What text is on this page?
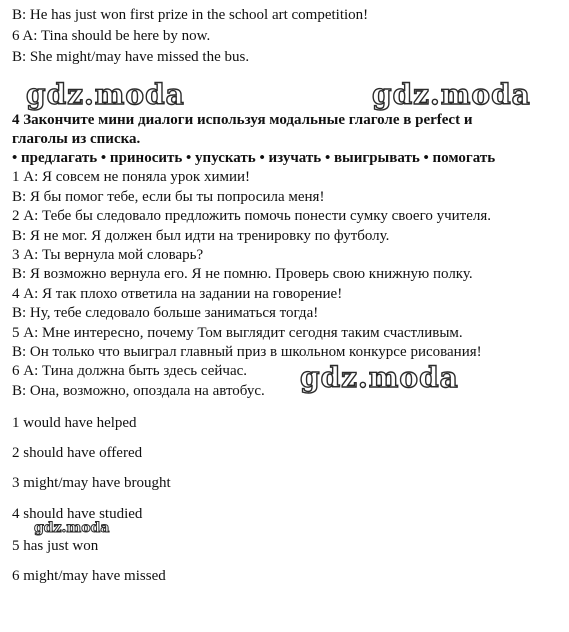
B: He has just won first prize in the school art competition!
6 A: Tina should be here by now.
B: She might/may have missed the bus.
gdz.moda	gdz.moda
4 Закончите мини диалоги используя модальные глаголе в perfect и
глаголы из списка.
• предлагать • приносить • упускать • изучать • выигрывать • помогать
1 А: Я совсем не поняла урок химии!
В: Я бы помог тебе, если бы ты попросила меня!
2 А: Тебе бы следовало предложить помочь понести сумку своего учителя.
В: Я не мог. Я должен был идти на тренировку по футболу.
3 А: Ты вернула мой словарь?
В: Я возможно вернула его. Я не помню. Проверь свою книжную полку.
4 А: Я так плохо ответила на задании на говорение!
В: Ну, тебе следовало больше заниматься тогда!
5 А: Мне интересно, почему Том выглядит сегодня таким счастливым.
В: Он только что выиграл главный приз в школьном конкурсе рисования!
6 А: Тина должна быть здесь сейчас.
В: Она, возможно, опоздала на автобус. gdz.moda
1 would have helped
2 should have offered
3 might/may have brought
4 should have studied
gdz.moda
5 has just won
6 might/may have missed
